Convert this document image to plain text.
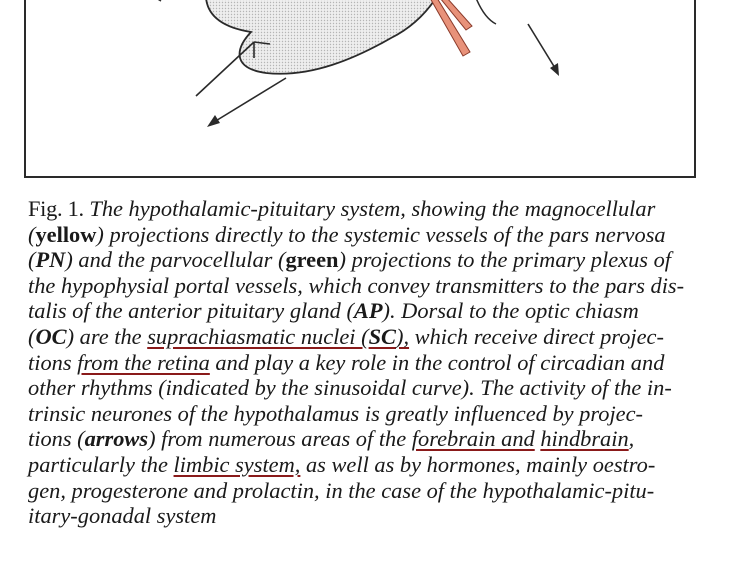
Fig. 1. The hypothalamic-pituitary system, showing the magnocellular
(yellow) projections directly to the systemic vessels of the pars nervosa
(PN) and the parvocellular (green) projections to the primary plexus of
the hypophysial portal vessels, which convey transmitters to the pars dis-
talis of the anterior pituitary gland (AP). Dorsal to the optic chiasm
(OC) are the suprachiasmatic nuclei (SC), which receive direct projec-
tions from the retina and play a key role in the control of circadian and
other rhythms (indicated by the sinusoidal curve). The activity of the in-
trinsic neurones of the hypothalamus is greatly influenced by projec-
tions (arrows) from numerous areas of the forebrain and hindbrain,
particularly the limbic system, as well as by hormones, mainly oestro-
gen, progesterone and prolactin, in the case of the hypothalamic-pitu-
itary-gonadal system
